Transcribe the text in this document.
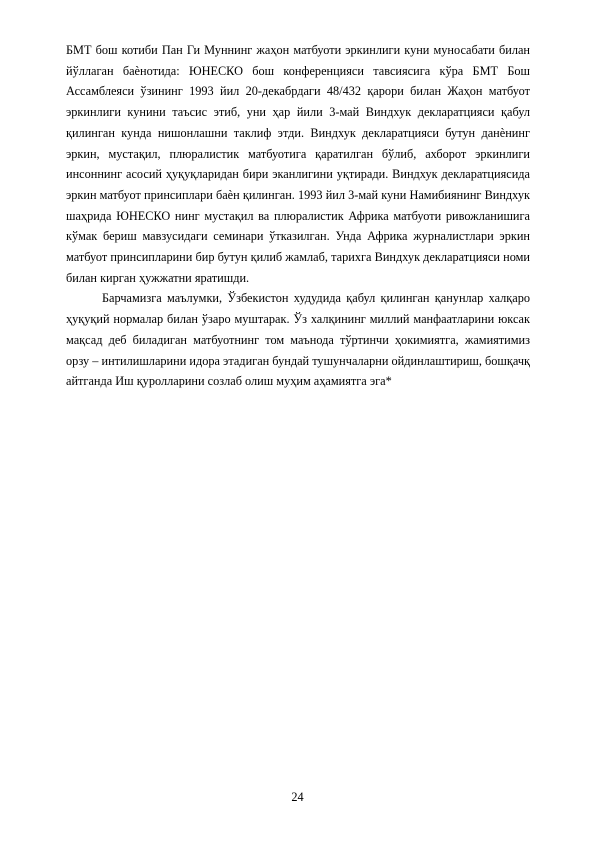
БМТ бош котиби Пан Ги Муннинг жаҳон матбуоти эркинлиги куни муносабати билан йўллаган баѐнотида: ЮНЕСКО бош конференцияси тавсиясига кўра БМТ Бош Ассамблеяси ўзининг 1993 йил 20-декабрдаги 48/432 қарори билан Жаҳон матбуот эркинлиги кунини таъсис этиб, уни ҳар йили 3-май Виндхук декларатцияси қабул қилинган кунда нишонлашни таклиф этди. Виндхук декларатцияси бутун данѐнинг эркин, мустақил, плюралистик матбуотига қаратилган бўлиб, ахборот эркинлиги инсоннинг асосий ҳуқуқларидан бири эканлигини уқтиради. Виндхук декларатциясида эркин матбуот принсиплари баѐн қилинган. 1993 йил 3-май куни Намибиянинг Виндхук шаҳрида ЮНЕСКО нинг мустақил ва плюралистик Африка матбуоти ривожланишига кўмак бериш мавзусидаги семинари ўтказилган. Унда Африка журналистлари эркин матбуот принсипларини бир бутун қилиб жамлаб, тарихга Виндхук декларатцияси номи билан кирган ҳужжатни яратишди.

Барчамизга маълумки, Ўзбекистон худудида қабул қилинган қанунлар халқаро ҳуқуқий нормалар билан ўзаро муштарак. Ўз халқининг миллий манфаатларини юксак мақсад деб биладиган матбуотнинг том маънода тўртинчи ҳокимиятга, жамиятимиз орзу – интилишларини идора этадиган бундай тушунчаларни ойдинлаштириш, бошқачқ айтганда Иш қуролларини созлаб олиш муҳим аҳамиятга эга*

24
